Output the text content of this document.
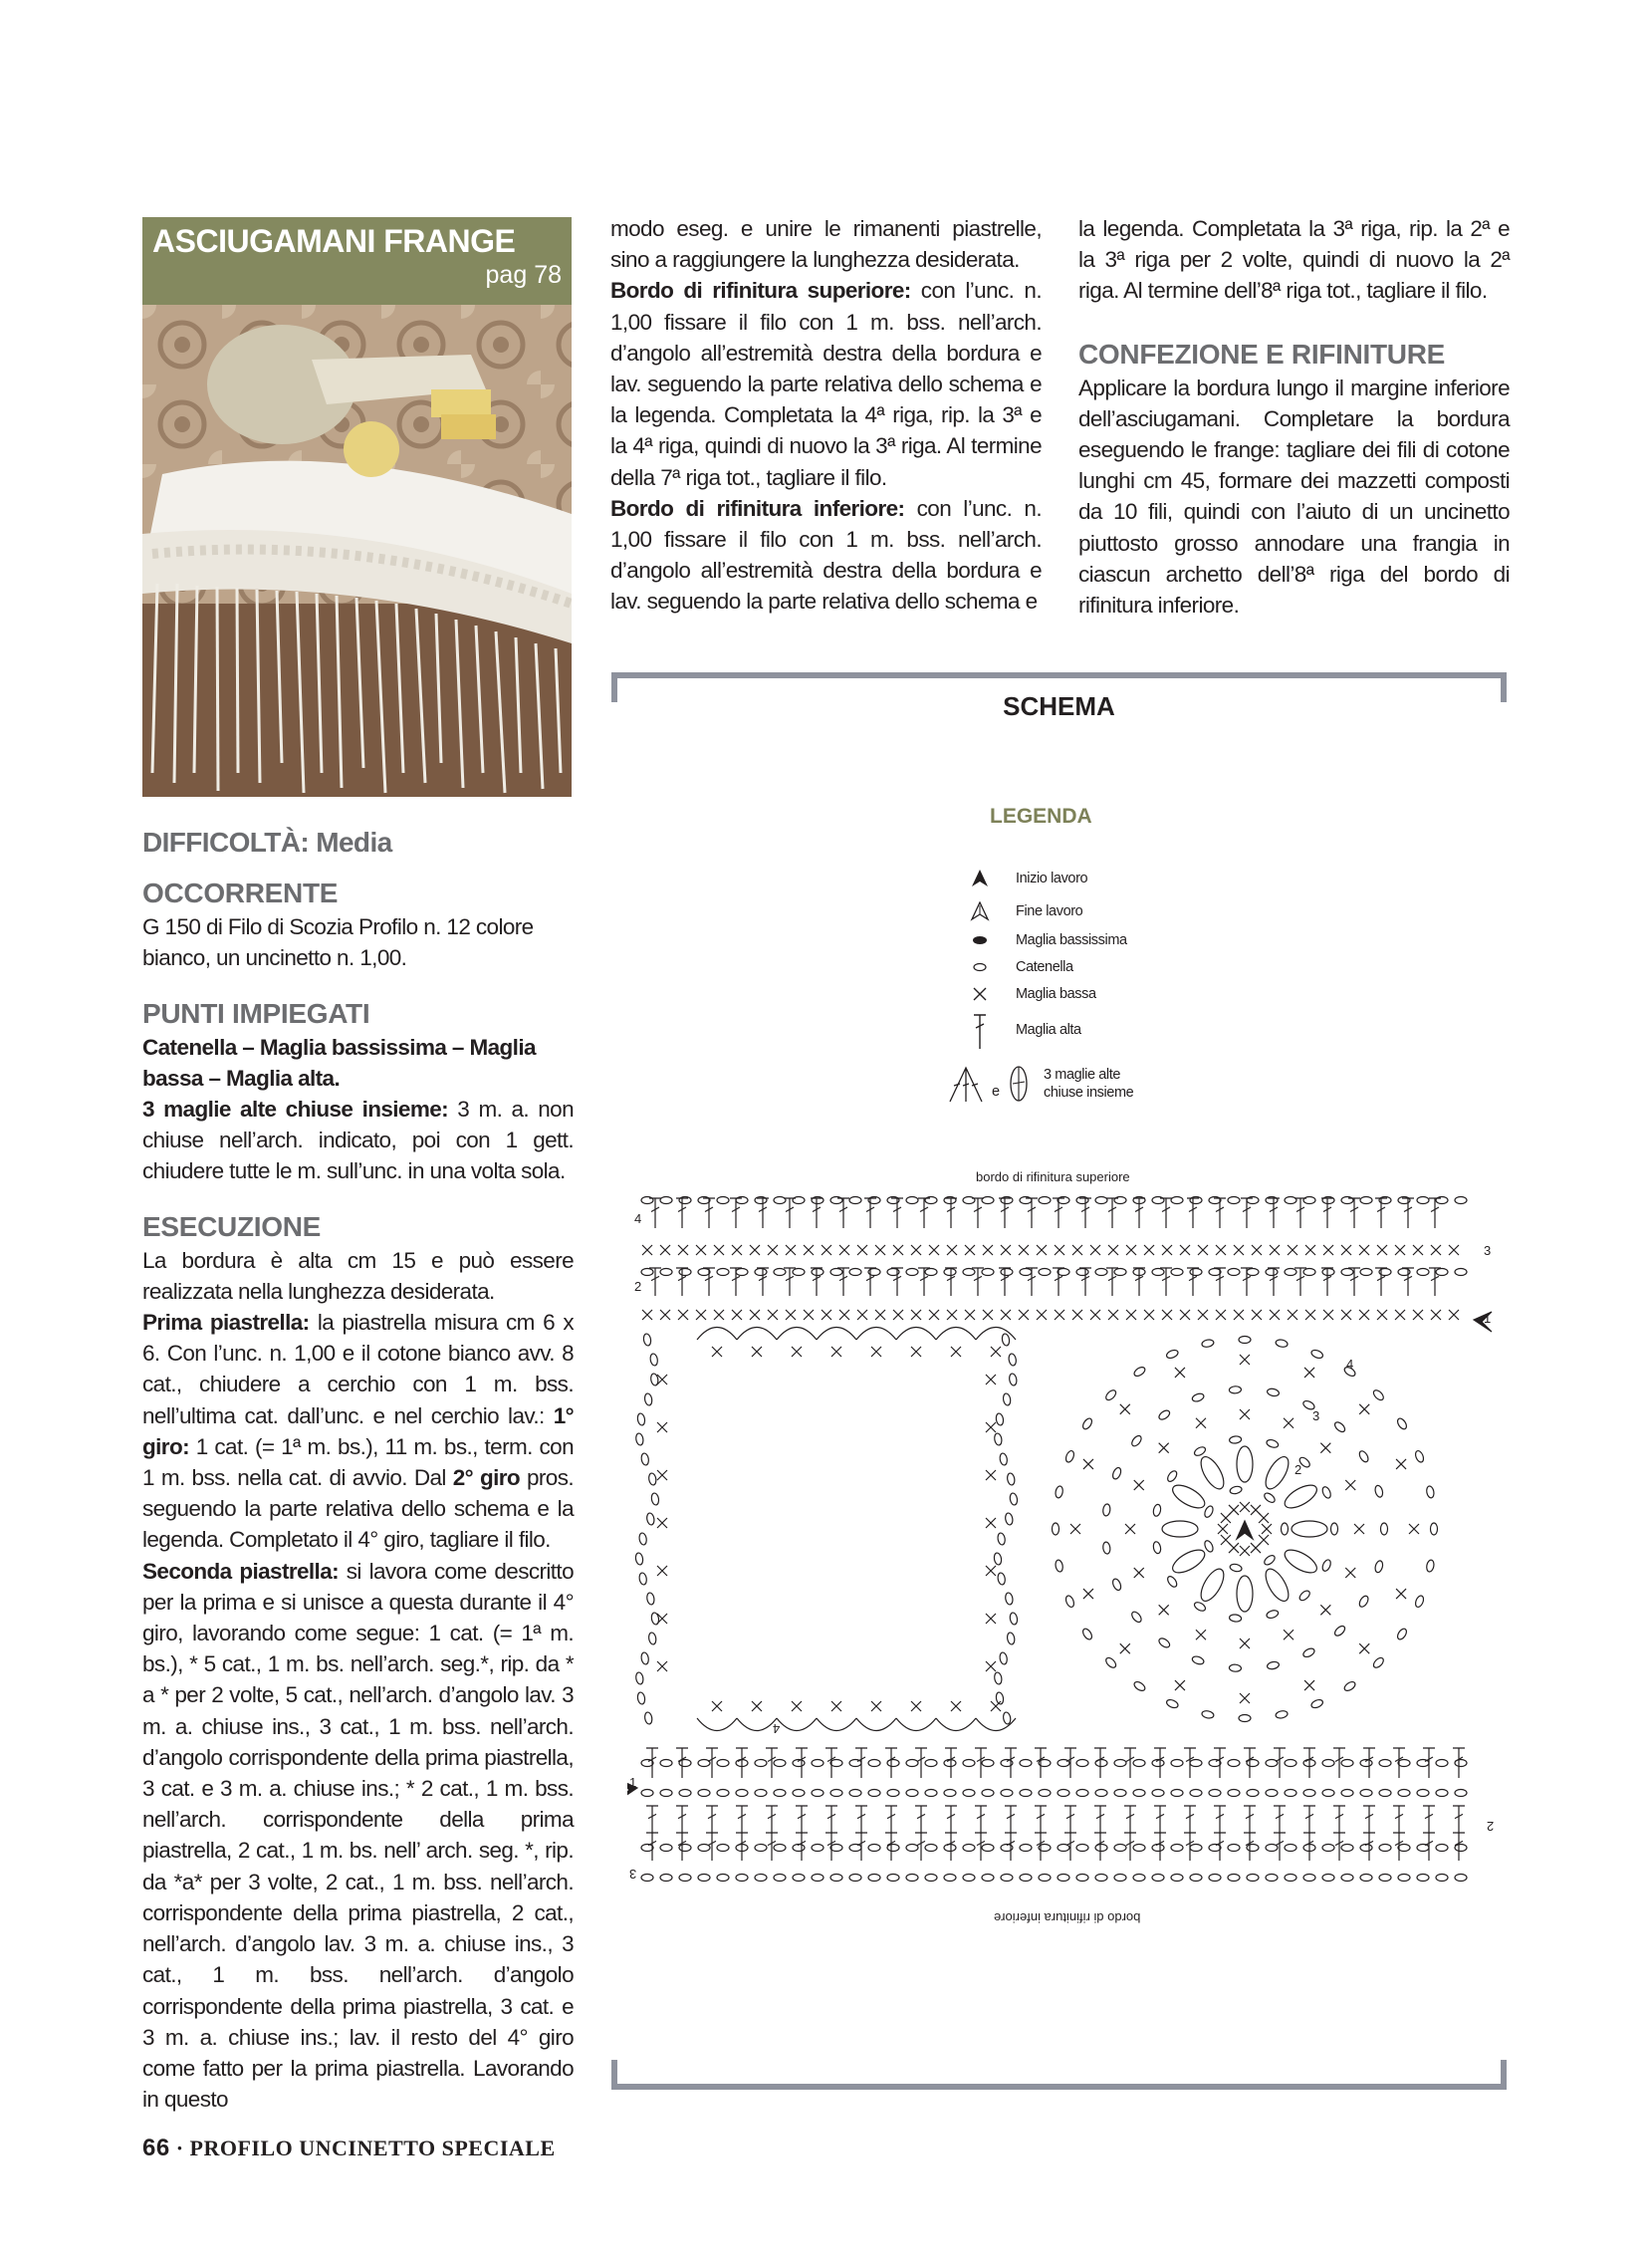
ASCIUGAMANI FRANGE
pag 78

DIFFICOLTÀ: Media

OCCORRENTE

G 150 di Filo di Scozia Profilo n. 12 colore bianco, un uncinetto n. 1,00.

PUNTI IMPIEGATI

Catenella – Maglia bassissima – Maglia bassa – Maglia alta.

3 maglie alte chiuse insieme: 3 m. a. non chiuse nell’arch. indicato, poi con 1 gett. chiudere tutte le m. sull’unc. in una volta sola.

ESECUZIONE

La bordura è alta cm 15 e può essere realizzata nella lunghezza desiderata.

Prima piastrella: la piastrella misura cm 6 x 6. Con l’unc. n. 1,00 e il cotone bianco avv. 8 cat., chiudere a cerchio con 1 m. bss. nell’ultima cat. dall’unc. e nel cerchio lav.: 1° giro: 1 cat. (= 1ª m. bs.), 11 m. bs., term. con 1 m. bss. nella cat. di avvio. Dal 2° giro pros. seguendo la parte relativa dello schema e la legenda. Completato il 4° giro, tagliare il filo.

Seconda piastrella: si lavora come descritto per la prima e si unisce a questa durante il 4° giro, lavorando come segue: 1 cat. (= 1ª m. bs.), * 5 cat., 1 m. bs. nell’arch. seg.*, rip. da * a * per 2 volte, 5 cat., nell’arch. d’angolo lav. 3 m. a. chiuse ins., 3 cat., 1 m. bss. nell’arch. d’angolo corrispondente della prima piastrella, 3 cat. e 3 m. a. chiuse ins.; * 2 cat., 1 m. bss. nell’arch. corrispondente della prima piastrella, 2 cat., 1 m. bs. nell’ arch. seg. *, rip. da *a* per 3 volte, 2 cat., 1 m. bss. nell’arch. corrispondente della prima piastrella, 2 cat., nell’arch. d’angolo lav. 3 m. a. chiuse ins., 3 cat., 1 m. bss. nell’arch. d’angolo corrispondente della prima piastrella, 3 cat. e 3 m. a. chiuse ins.; lav. il resto del 4° giro come fatto per la prima piastrella. Lavorando in questo

modo eseg. e unire le rimanenti piastrelle, sino a raggiungere la lunghezza desiderata.

Bordo di rifinitura superiore: con l’unc. n. 1,00 fissare il filo con 1 m. bss. nell’arch. d’angolo all’estremità destra della bordura e lav. seguendo la parte relativa dello schema e la legenda. Completata la 4ª riga, rip. la 3ª e la 4ª riga, quindi di nuovo la 3ª riga. Al termine della 7ª riga tot., tagliare il filo.

Bordo di rifinitura inferiore: con l’unc. n. 1,00 fissare il filo con 1 m. bss. nell’arch. d’angolo all’estremità destra della bordura e lav. seguendo la parte relativa dello schema e

la legenda. Completata la 3ª riga, rip. la 2ª e la 3ª riga per 2 volte, quindi di nuovo la 2ª riga. Al termine dell’8ª riga tot., tagliare il filo.

CONFEZIONE E RIFINITURE

Applicare la bordura lungo il margine inferiore dell’asciugamani. Completare la bordura eseguendo le frange: tagliare dei fili di cotone lunghi cm 45, formare dei mazzetti composti da 10 fili, quindi con l’aiuto di un uncinetto piuttosto grosso annodare una frangia in ciascun archetto dell’8ª riga del bordo di rifinitura inferiore.

SCHEMA
LEGENDA
Inizio lavoro
Fine lavoro
Maglia bassissima
Catenella
Maglia bassa
Maglia alta
e
3 maglie alte
chiuse insieme
bordo di rifinitura superiore
bordo di rifinitura inferiore
4
3
2
1
1
2
3
4
3
2
4
66 · PROFILO UNCINETTO SPECIALE
